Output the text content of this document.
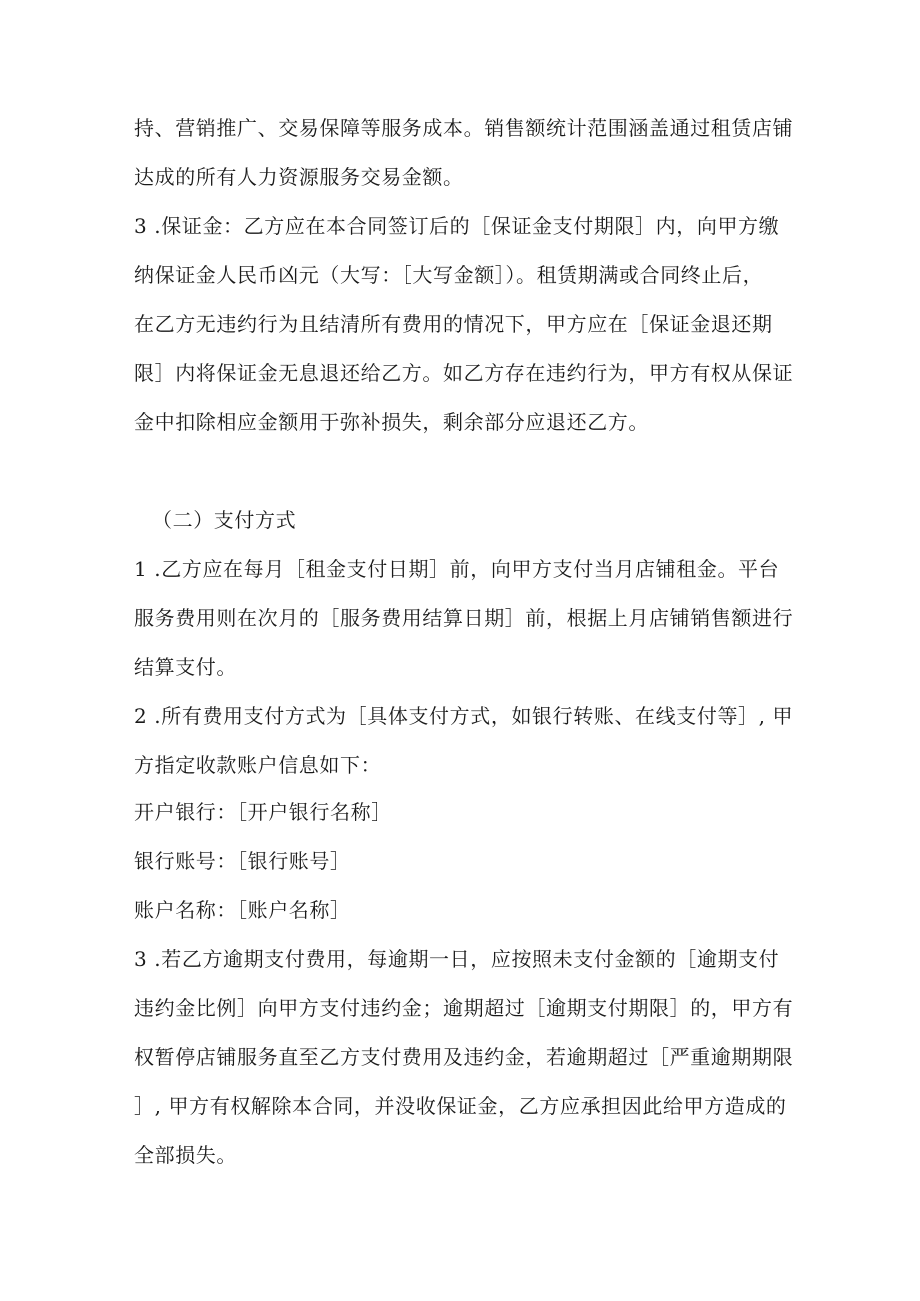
持、营销推广、交易保障等服务成本。销售额统计范围涵盖通过租赁店铺

达成的所有人力资源服务交易金额。

3 .保证金：乙方应在本合同签订后的［保证金支付期限］内，向甲方缴

纳保证金人民币凶元（大写：［大写金额］）。租赁期满或合同终止后，

在乙方无违约行为且结清所有费用的情况下，甲方应在［保证金退还期

限］内将保证金无息退还给乙方。如乙方存在违约行为，甲方有权从保证

金中扣除相应金额用于弥补损失，剩余部分应退还乙方。

（二）支付方式

1 .乙方应在每月［租金支付日期］前，向甲方支付当月店铺租金。平台

服务费用则在次月的［服务费用结算日期］前，根据上月店铺销售额进行

结算支付。

2 .所有费用支付方式为［具体支付方式，如银行转账、在线支付等］, 甲

方指定收款账户信息如下：

开户银行：［开户银行名称］

银行账号：［银行账号］

账户名称：［账户名称］

3 .若乙方逾期支付费用，每逾期一日，应按照未支付金额的［逾期支付

违约金比例］向甲方支付违约金；逾期超过［逾期支付期限］的，甲方有

权暂停店铺服务直至乙方支付费用及违约金，若逾期超过［严重逾期期限

］, 甲方有权解除本合同，并没收保证金，乙方应承担因此给甲方造成的

全部损失。
